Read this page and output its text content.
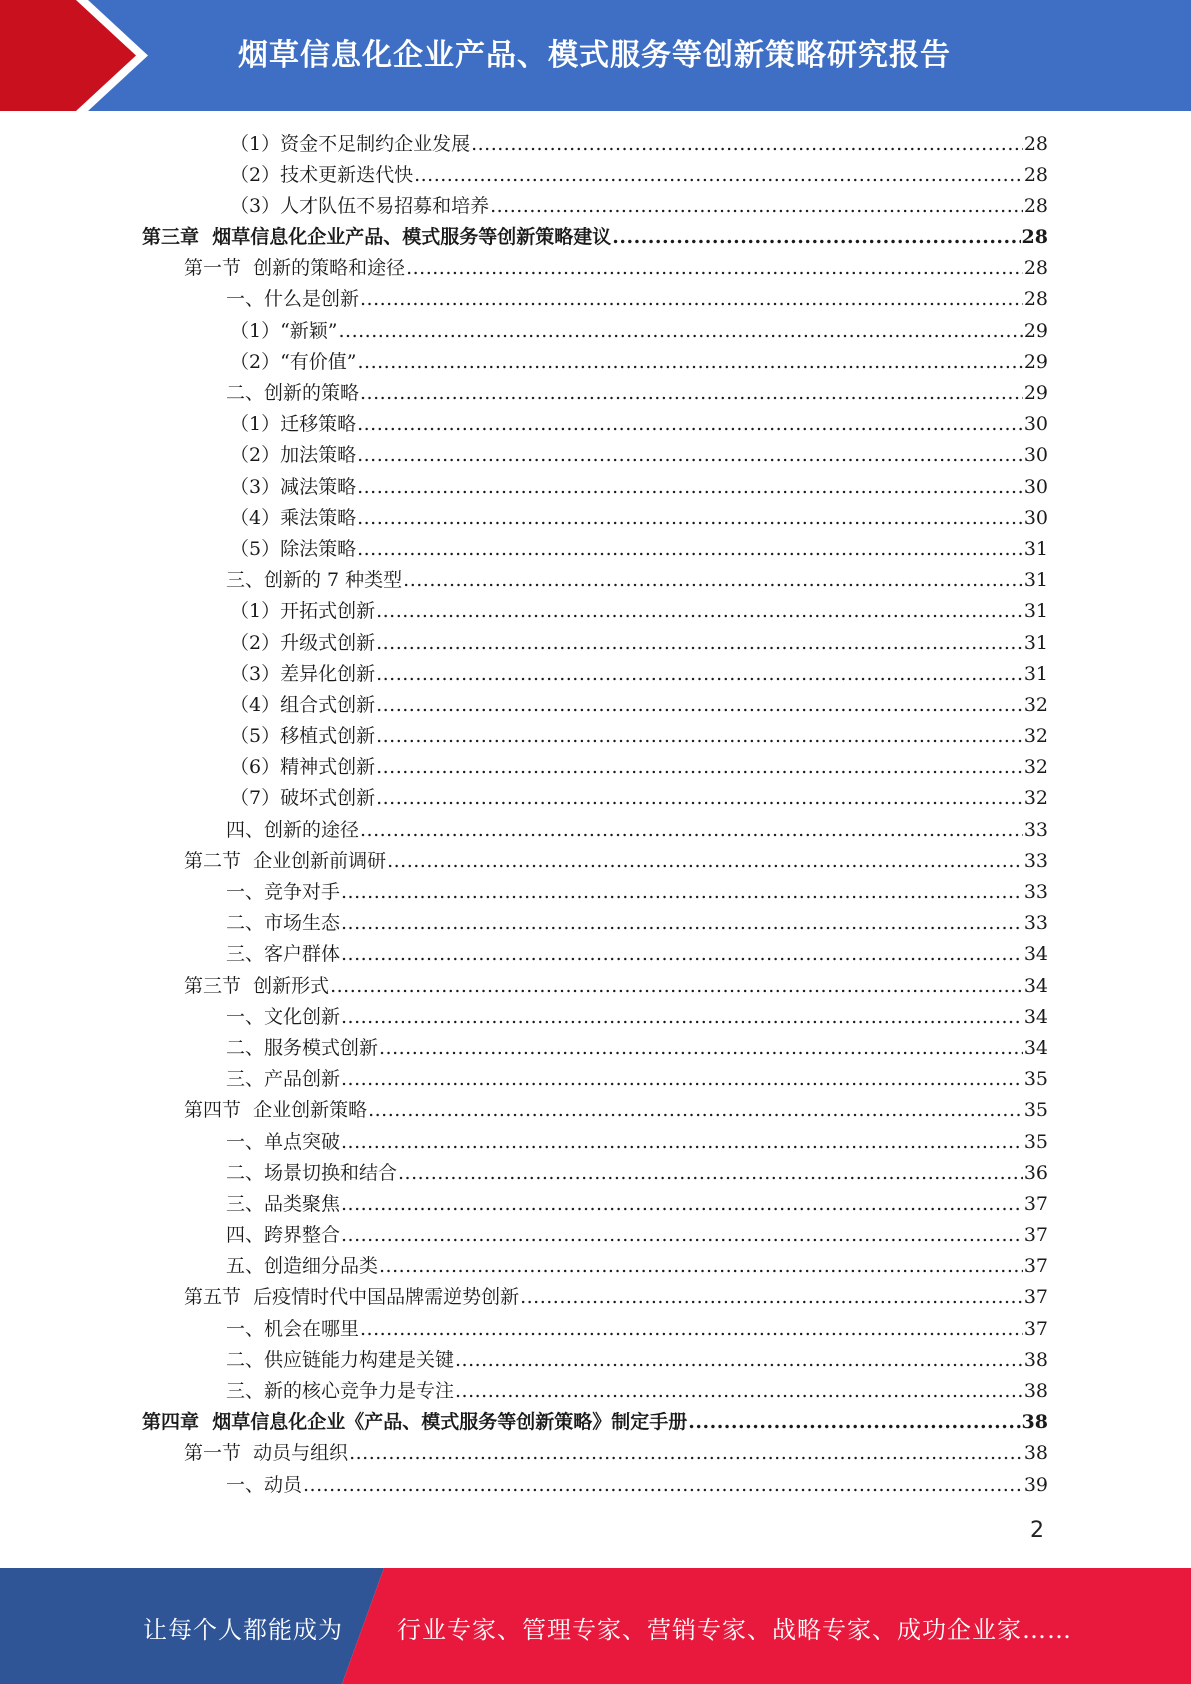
烟草信息化企业产品、模式服务等创新策略研究报告
（1）资金不足制约企业发展 .....	28
（2）技术更新迭代快 .....	28
（3）人才队伍不易招募和培养 .....	28
第三章  烟草信息化企业产品、模式服务等创新策略建议 .....	28
第一节  创新的策略和途径 .....	28
一、什么是创新 .....	28
（1）“新颖” .....	29
（2）“有价值” .....	29
二、创新的策略 .....	29
（1）迁移策略 .....	30
（2）加法策略 .....	30
（3）减法策略 .....	30
（4）乘法策略 .....	30
（5）除法策略 .....	31
三、创新的 7 种类型 .....	31
（1）开拓式创新 .....	31
（2）升级式创新 .....	31
（3）差异化创新 .....	31
（4）组合式创新 .....	32
（5）移植式创新 .....	32
（6）精神式创新 .....	32
（7）破坏式创新 .....	32
四、创新的途径 .....	33
第二节  企业创新前调研 .....	33
一、竞争对手 .....	33
二、市场生态 .....	33
三、客户群体 .....	34
第三节  创新形式 .....	34
一、文化创新 .....	34
二、服务模式创新 .....	34
三、产品创新 .....	35
第四节  企业创新策略 .....	35
一、单点突破 .....	35
二、场景切换和结合 .....	36
三、品类聚焦 .....	37
四、跨界整合 .....	37
五、创造细分品类 .....	37
第五节  后疫情时代中国品牌需逆势创新 .....	37
一、机会在哪里 .....	37
二、供应链能力构建是关键 .....	38
三、新的核心竞争力是专注 .....	38
第四章  烟草信息化企业《产品、模式服务等创新策略》制定手册 .....	38
第一节  动员与组织 .....	38
一、动员 .....	39
2
让每个人都能成为 行业专家、管理专家、营销专家、战略专家、成功企业家……
